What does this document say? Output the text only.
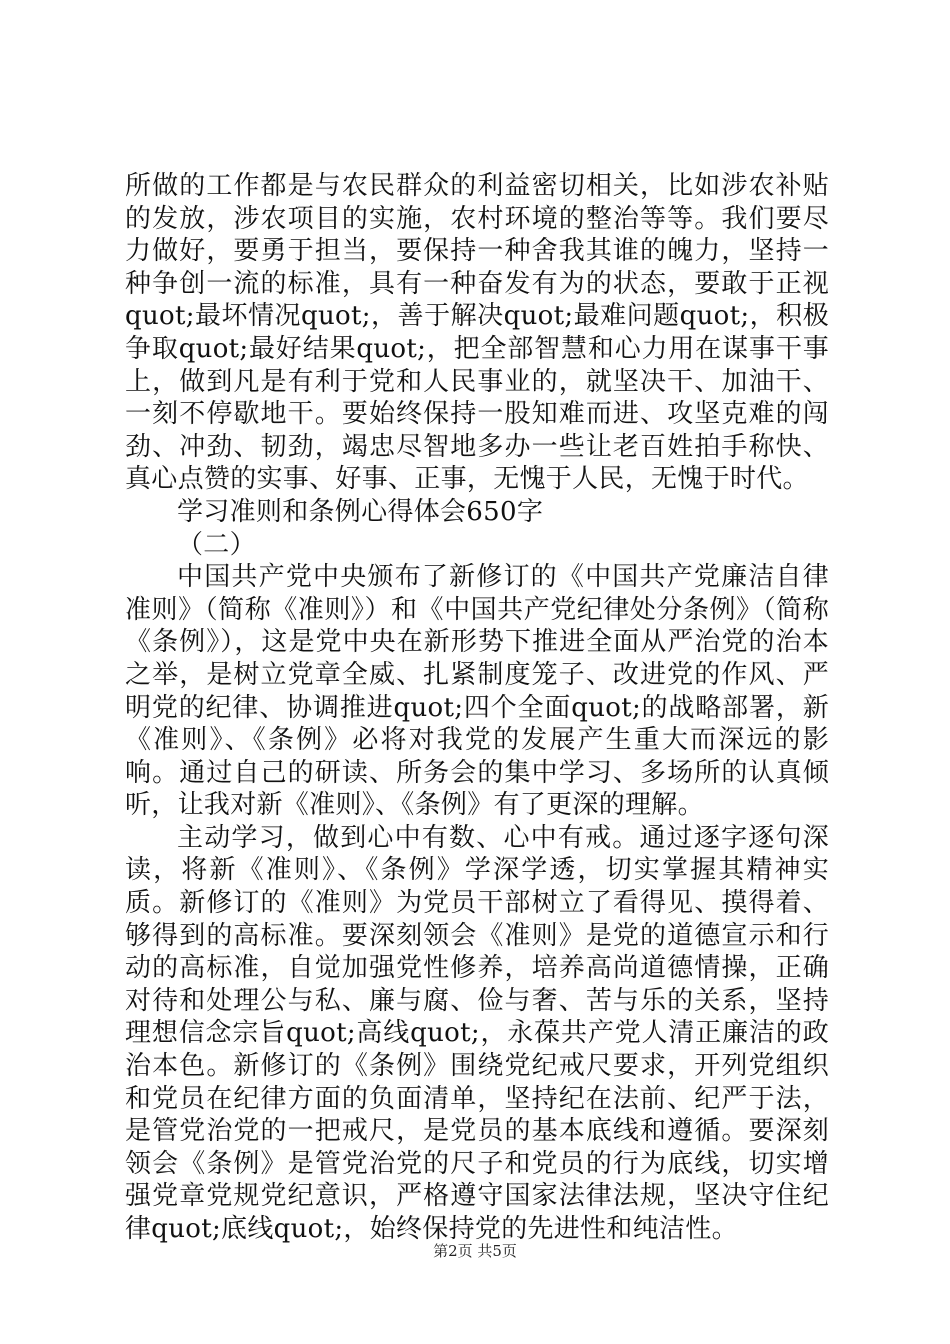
所做的工作都是与农民群众的利益密切相关，比如涉农补贴的发放，涉农项目的实施，农村环境的整治等等。我们要尽力做好，要勇于担当，要保持一种舍我其谁的魄力，坚持一种争创一流的标准，具有一种奋发有为的状态，要敢于正视quot;最坏情况quot;，善于解决quot;最难问题quot;，积极争取quot;最好结果quot;，把全部智慧和心力用在谋事干事上，做到凡是有利于党和人民事业的，就坚决干、加油干、一刻不停歇地干。要始终保持一股知难而进、攻坚克难的闯劲、冲劲、韧劲，竭忠尽智地多办一些让老百姓拍手称快、真心点赞的实事、好事、正事，无愧于人民，无愧于时代。

学习准则和条例心得体会650字

（二）

中国共产党中央颁布了新修订的《中国共产党廉洁自律准则》（简称《准则》）和《中国共产党纪律处分条例》（简称《条例》），这是党中央在新形势下推进全面从严治党的治本之举，是树立党章全威、扎紧制度笼子、改进党的作风、严明党的纪律、协调推进quot;四个全面quot;的战略部署，新《准则》、《条例》必将对我党的发展产生重大而深远的影响。通过自己的研读、所务会的集中学习、多场所的认真倾听，让我对新《准则》、《条例》有了更深的理解。

主动学习，做到心中有数、心中有戒。通过逐字逐句深读，将新《准则》、《条例》学深学透，切实掌握其精神实质。新修订的《准则》为党员干部树立了看得见、摸得着、够得到的高标准。要深刻领会《准则》是党的道德宣示和行动的高标准，自觉加强党性修养，培养高尚道德情操，正确对待和处理公与私、廉与腐、俭与奢、苦与乐的关系，坚持理想信念宗旨quot;高线quot;，永葆共产党人清正廉洁的政治本色。新修订的《条例》围绕党纪戒尺要求，开列党组织和党员在纪律方面的负面清单，坚持纪在法前、纪严于法，是管党治党的一把戒尺，是党员的基本底线和遵循。要深刻领会《条例》是管党治党的尺子和党员的行为底线，切实增强党章党规党纪意识，严格遵守国家法律法规，坚决守住纪律quot;底线quot;，始终保持党的先进性和纯洁性。

第2页 共5页
